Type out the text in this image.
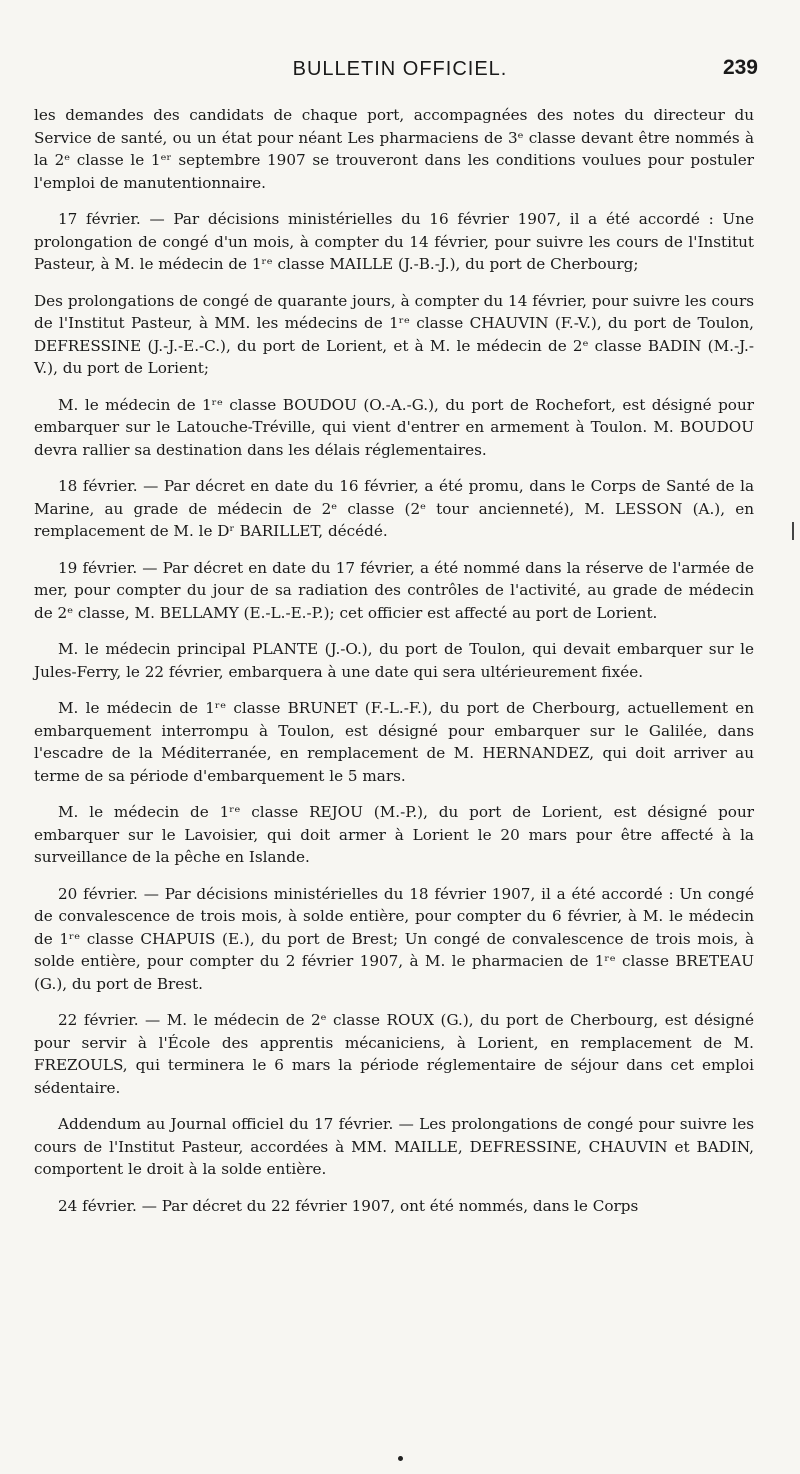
BULLETIN OFFICIEL.	239

les demandes des candidats de chaque port, accompagnées des notes du directeur du Service de santé, ou un état pour néant Les pharmaciens de 3ᵉ classe devant être nommés à la 2ᵉ classe le 1ᵉʳ septembre 1907 se trouveront dans les conditions voulues pour postuler l'emploi de manutentionnaire.

17 février. — Par décisions ministérielles du 16 février 1907, il a été accordé : Une prolongation de congé d'un mois, à compter du 14 février, pour suivre les cours de l'Institut Pasteur, à M. le médecin de 1ʳᵉ classe MAILLE (J.-B.-J.), du port de Cherbourg;

Des prolongations de congé de quarante jours, à compter du 14 février, pour suivre les cours de l'Institut Pasteur, à MM. les médecins de 1ʳᵉ classe CHAUVIN (F.-V.), du port de Toulon, DEFRESSINE (J.-J.-E.-C.), du port de Lorient, et à M. le médecin de 2ᵉ classe BADIN (M.-J.-V.), du port de Lorient;

M. le médecin de 1ʳᵉ classe BOUDOU (O.-A.-G.), du port de Rochefort, est désigné pour embarquer sur le Latouche-Tréville, qui vient d'entrer en armement à Toulon. M. BOUDOU devra rallier sa destination dans les délais réglementaires.

18 février. — Par décret en date du 16 février, a été promu, dans le Corps de Santé de la Marine, au grade de médecin de 2ᵉ classe (2ᵉ tour ancienneté), M. LESSON (A.), en remplacement de M. le Dʳ BARILLET, décédé.

19 février. — Par décret en date du 17 février, a été nommé dans la réserve de l'armée de mer, pour compter du jour de sa radiation des contrôles de l'activité, au grade de médecin de 2ᵉ classe, M. BELLAMY (E.-L.-E.-P.); cet officier est affecté au port de Lorient.

M. le médecin principal PLANTE (J.-O.), du port de Toulon, qui devait embarquer sur le Jules-Ferry, le 22 février, embarquera à une date qui sera ultérieurement fixée.

M. le médecin de 1ʳᵉ classe BRUNET (F.-L.-F.), du port de Cherbourg, actuellement en embarquement interrompu à Toulon, est désigné pour embarquer sur le Galilée, dans l'escadre de la Méditerranée, en remplacement de M. HERNANDEZ, qui doit arriver au terme de sa période d'embarquement le 5 mars.

M. le médecin de 1ʳᵉ classe REJOU (M.-P.), du port de Lorient, est désigné pour embarquer sur le Lavoisier, qui doit armer à Lorient le 20 mars pour être affecté à la surveillance de la pêche en Islande.

20 février. — Par décisions ministérielles du 18 février 1907, il a été accordé : Un congé de convalescence de trois mois, à solde entière, pour compter du 6 février, à M. le médecin de 1ʳᵉ classe CHAPUIS (E.), du port de Brest; Un congé de convalescence de trois mois, à solde entière, pour compter du 2 février 1907, à M. le pharmacien de 1ʳᵉ classe BRETEAU (G.), du port de Brest.

22 février. — M. le médecin de 2ᵉ classe ROUX (G.), du port de Cherbourg, est désigné pour servir à l'École des apprentis mécaniciens, à Lorient, en remplacement de M. FREZOULS, qui terminera le 6 mars la période réglementaire de séjour dans cet emploi sédentaire.

Addendum au Journal officiel du 17 février. — Les prolongations de congé pour suivre les cours de l'Institut Pasteur, accordées à MM. MAILLE, DEFRESSINE, CHAUVIN et BADIN, comportent le droit à la solde entière.

24 février. — Par décret du 22 février 1907, ont été nommés, dans le Corps
